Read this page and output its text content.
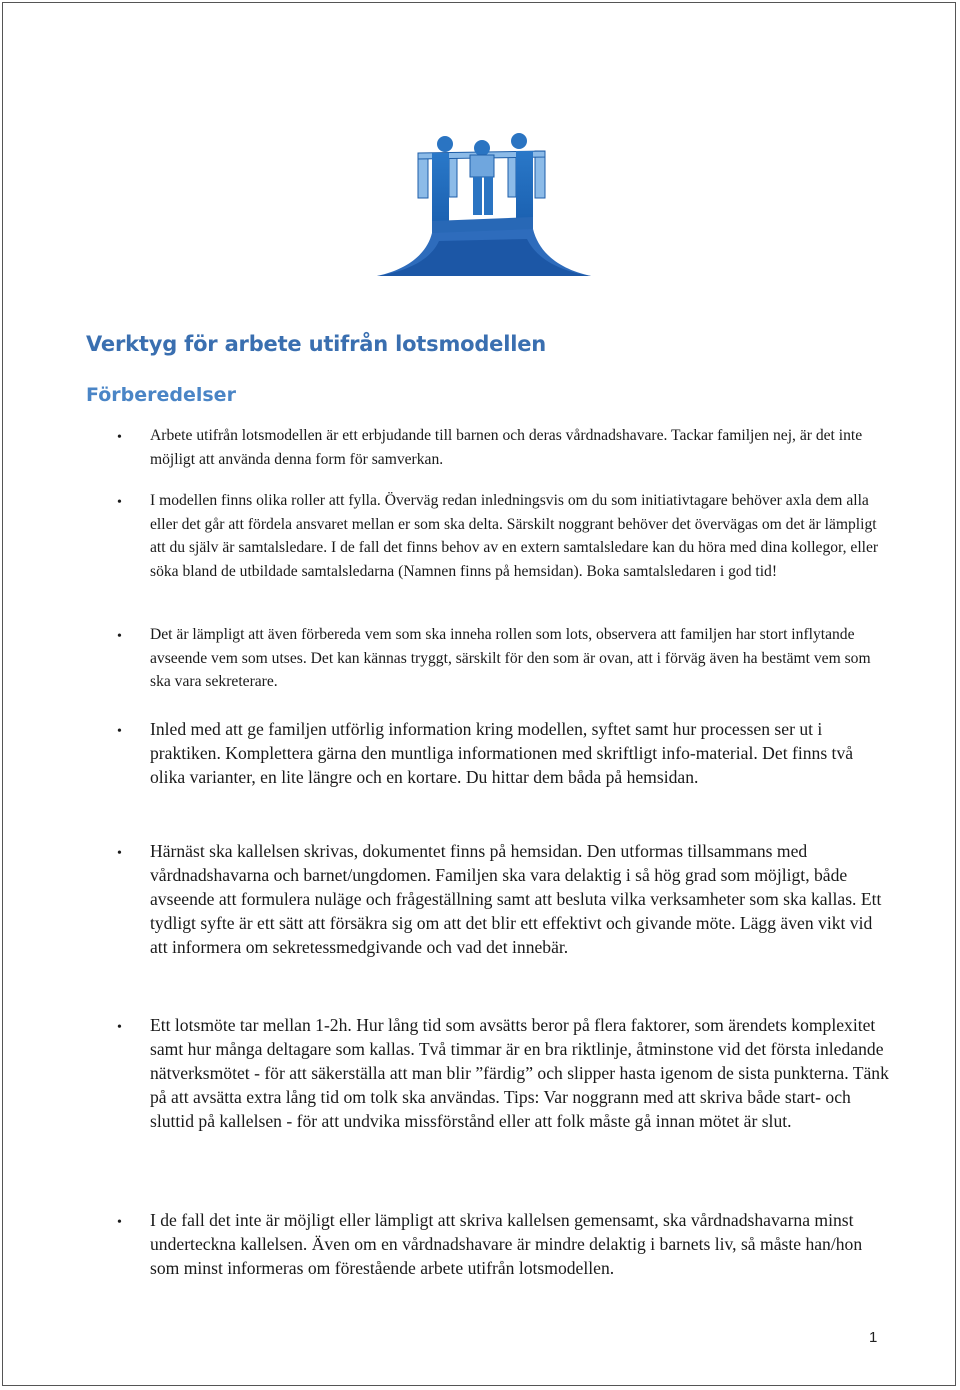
Verktyg för arbete utifrån lotsmodellen
Förberedelser

• Arbete utifrån lotsmodellen är ett erbjudande till barnen och deras vårdnadshavare. Tackar familjen nej, är det inte möjligt att använda denna form för samverkan.

• I modellen finns olika roller att fylla. Överväg redan inledningsvis om du som initiativtagare behöver axla dem alla eller det går att fördela ansvaret mellan er som ska delta. Särskilt noggrant behöver det övervägas om det är lämpligt att du själv är samtalsledare. I de fall det finns behov av en extern samtalsledare kan du höra med dina kollegor, eller söka bland de utbildade samtalsledarna (Namnen finns på hemsidan). Boka samtalsledaren i god tid!

• Det är lämpligt att även förbereda vem som ska inneha rollen som lots, observera att familjen har stort inflytande avseende vem som utses. Det kan kännas tryggt, särskilt för den som är ovan, att i förväg även ha bestämt vem som ska vara sekreterare.

• Inled med att ge familjen utförlig information kring modellen, syftet samt hur processen ser ut i praktiken. Komplettera gärna den muntliga informationen med skriftligt info-material. Det finns två olika varianter, en lite längre och en kortare. Du hittar dem båda på hemsidan.

• Härnäst ska kallelsen skrivas, dokumentet finns på hemsidan. Den utformas tillsammans med vårdnadshavarna och barnet/ungdomen. Familjen ska vara delaktig i så hög grad som möjligt, både avseende att formulera nuläge och frågeställning samt att besluta vilka verksamheter som ska kallas. Ett tydligt syfte är ett sätt att försäkra sig om att det blir ett effektivt och givande möte. Lägg även vikt vid att informera om sekretessmedgivande och vad det innebär.

• Ett lotsmöte tar mellan 1-2h. Hur lång tid som avsätts beror på flera faktorer, som ärendets komplexitet samt hur många deltagare som kallas. Två timmar är en bra riktlinje, åtminstone vid det första inledande nätverksmötet - för att säkerställa att man blir ”färdig” och slipper hasta igenom de sista punkterna. Tänk på att avsätta extra lång tid om tolk ska användas. Tips: Var noggrann med att skriva både start- och sluttid på kallelsen - för att undvika missförstånd eller att folk måste gå innan mötet är slut.

• I de fall det inte är möjligt eller lämpligt att skriva kallelsen gemensamt, ska vårdnadshavarna minst underteckna kallelsen. Även om en vårdnadshavare är mindre delaktig i barnets liv, så måste han/hon som minst informeras om förestående arbete utifrån lotsmodellen.

1
